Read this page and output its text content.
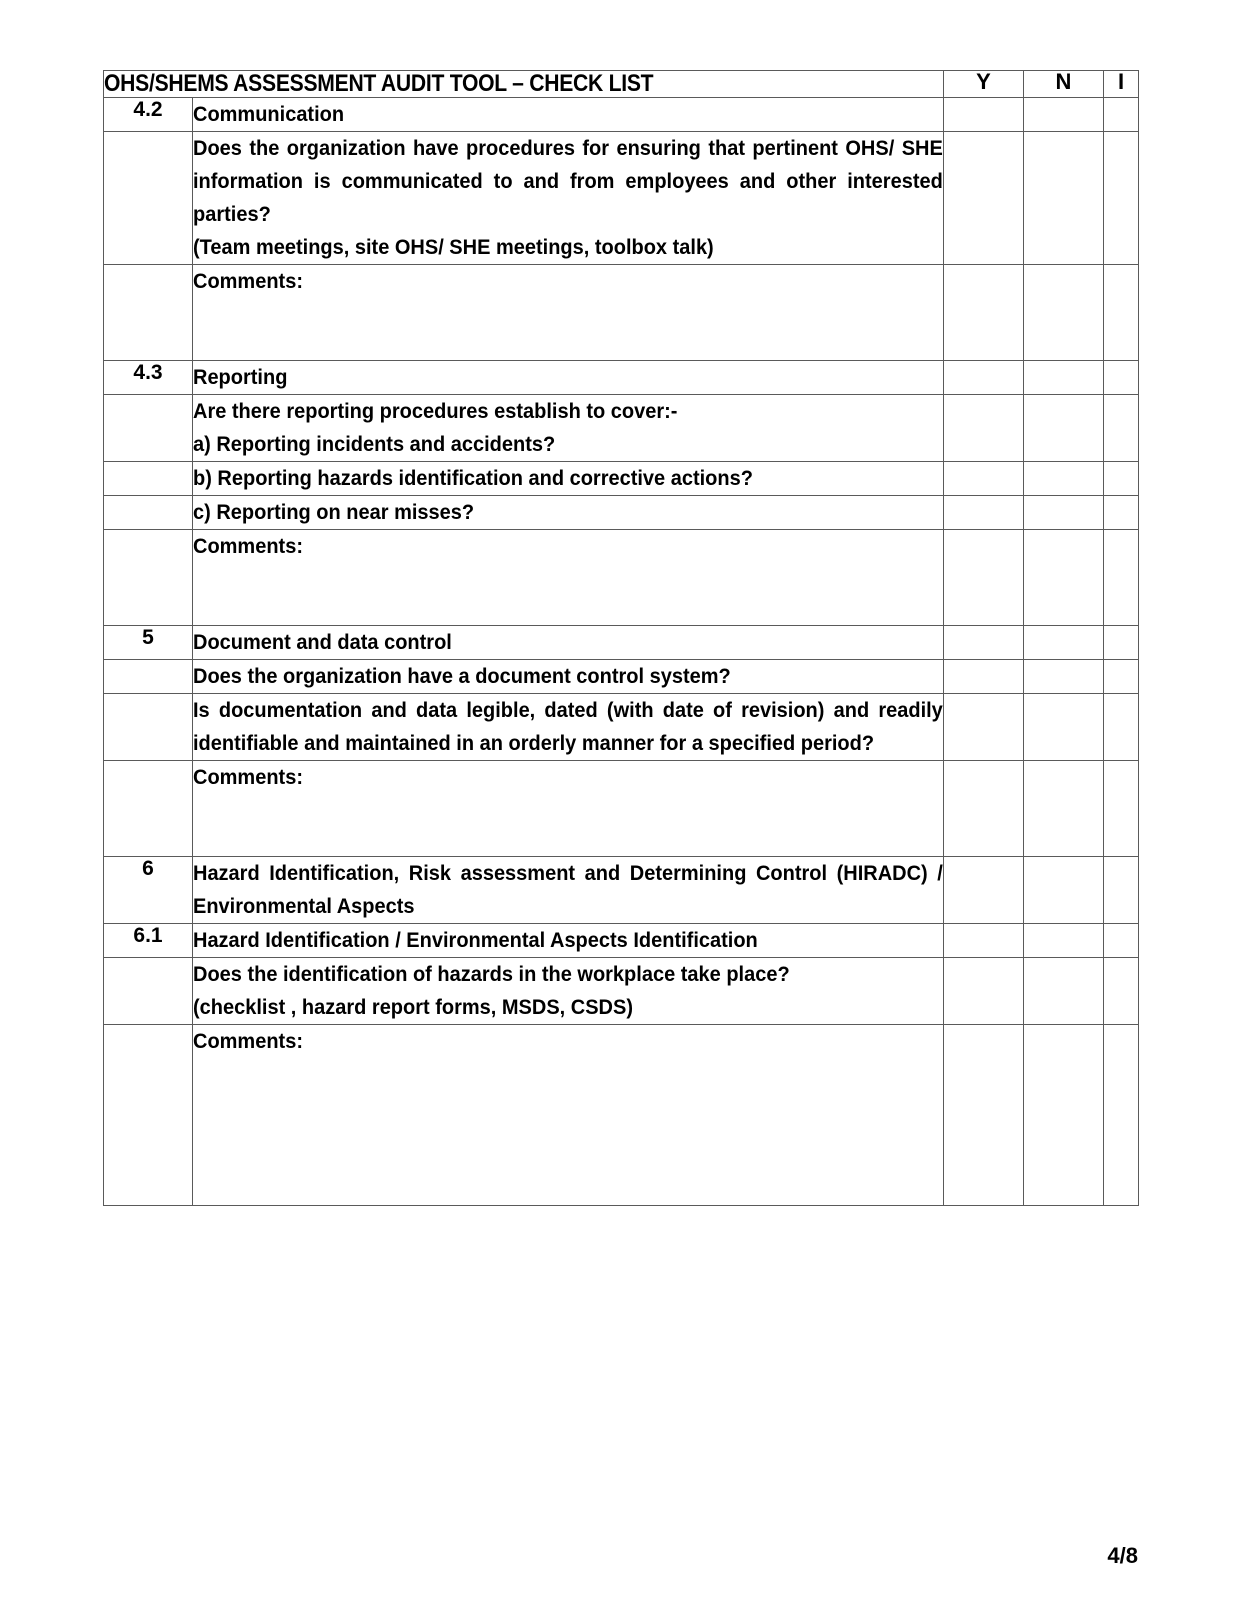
OHS/SHEMS ASSESSMENT AUDIT TOOL – CHECK LIST		Y	N	I

4.2	Communication			

	Does the organization have procedures for ensuring that pertinent OHS/ SHE information is communicated to and from employees and other interested parties?
(Team meetings, site OHS/ SHE meetings, toolbox talk)			

	Comments:			

4.3	Reporting			

	Are there reporting procedures establish to cover:-
a) Reporting incidents and accidents?			

	b) Reporting hazards identification and corrective actions?			

	c) Reporting on near misses?			

	Comments:			

5	Document and data control			

	Does the organization have a document control system?			

	Is documentation and data legible, dated (with date of revision) and readily identifiable and maintained in an orderly manner for a specified period?			

	Comments:			

6	Hazard Identification, Risk assessment and Determining Control (HIRADC) / Environmental Aspects			

6.1	Hazard Identification / Environmental Aspects Identification			

	Does the identification of hazards in the workplace take place?
(checklist , hazard report forms, MSDS, CSDS)			

	Comments:			

4/8
